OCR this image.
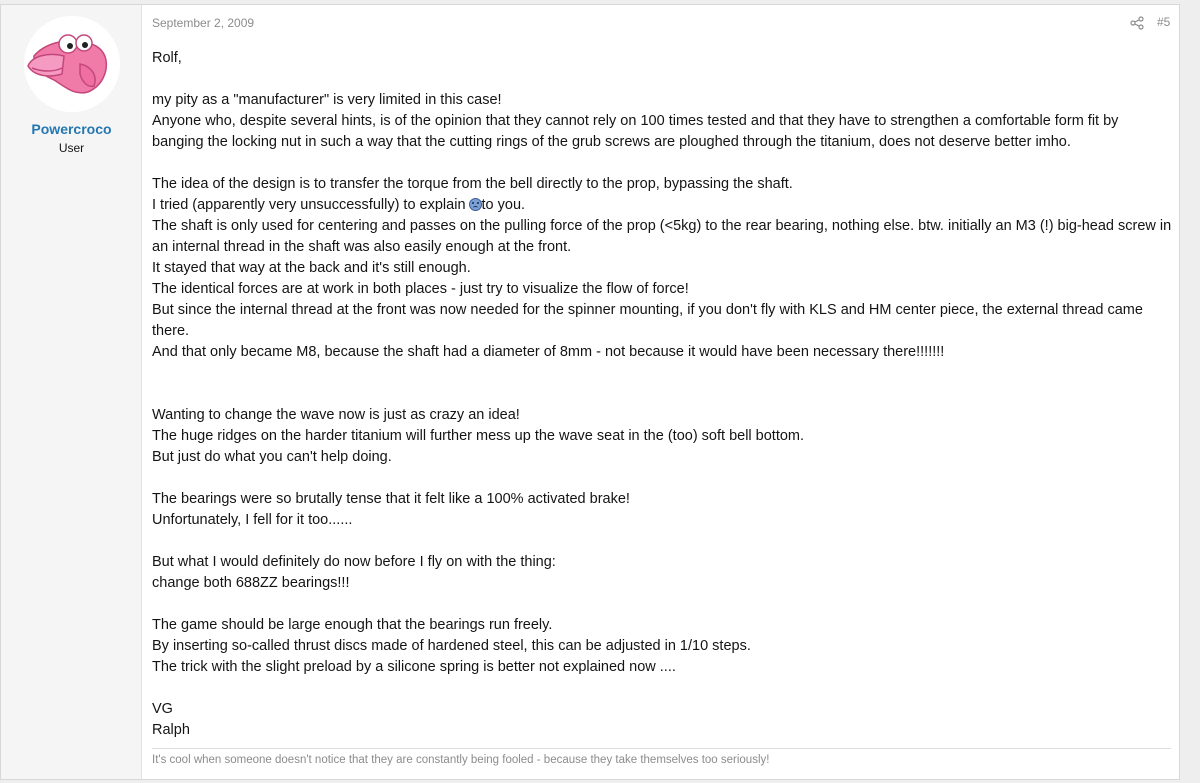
Powercroco
User
September 2, 2009	#5

Rolf,

my pity as a "manufacturer" is very limited in this case!

Anyone who, despite several hints, is of the opinion that they cannot rely on 100 times tested and that they have to strengthen a comfortable form fit by banging the locking nut in such a way that the cutting rings of the grub screws are ploughed through the titanium, does not deserve better imho.

The idea of the design is to transfer the torque from the bell directly to the prop, bypassing the shaft.

I tried (apparently very unsuccessfully) to explain to you.

The shaft is only used for centering and passes on the pulling force of the prop (<5kg) to the rear bearing, nothing else. btw. initially an M3 (!) big-head screw in an internal thread in the shaft was also easily enough at the front.

It stayed that way at the back and it's still enough.

The identical forces are at work in both places - just try to visualize the flow of force!

But since the internal thread at the front was now needed for the spinner mounting, if you don't fly with KLS and HM center piece, the external thread came there.

And that only became M8, because the shaft had a diameter of 8mm - not because it would have been necessary there!!!!!!!

Wanting to change the wave now is just as crazy an idea!

The huge ridges on the harder titanium will further mess up the wave seat in the (too) soft bell bottom.

But just do what you can't help doing.

The bearings were so brutally tense that it felt like a 100% activated brake!

Unfortunately, I fell for it too......

But what I would definitely do now before I fly on with the thing:

change both 688ZZ bearings!!!

The game should be large enough that the bearings run freely.

By inserting so-called thrust discs made of hardened steel, this can be adjusted in 1/10 steps.

The trick with the slight preload by a silicone spring is better not explained now ....

VG

Ralph

It's cool when someone doesn't notice that they are constantly being fooled - because they take themselves too seriously!
